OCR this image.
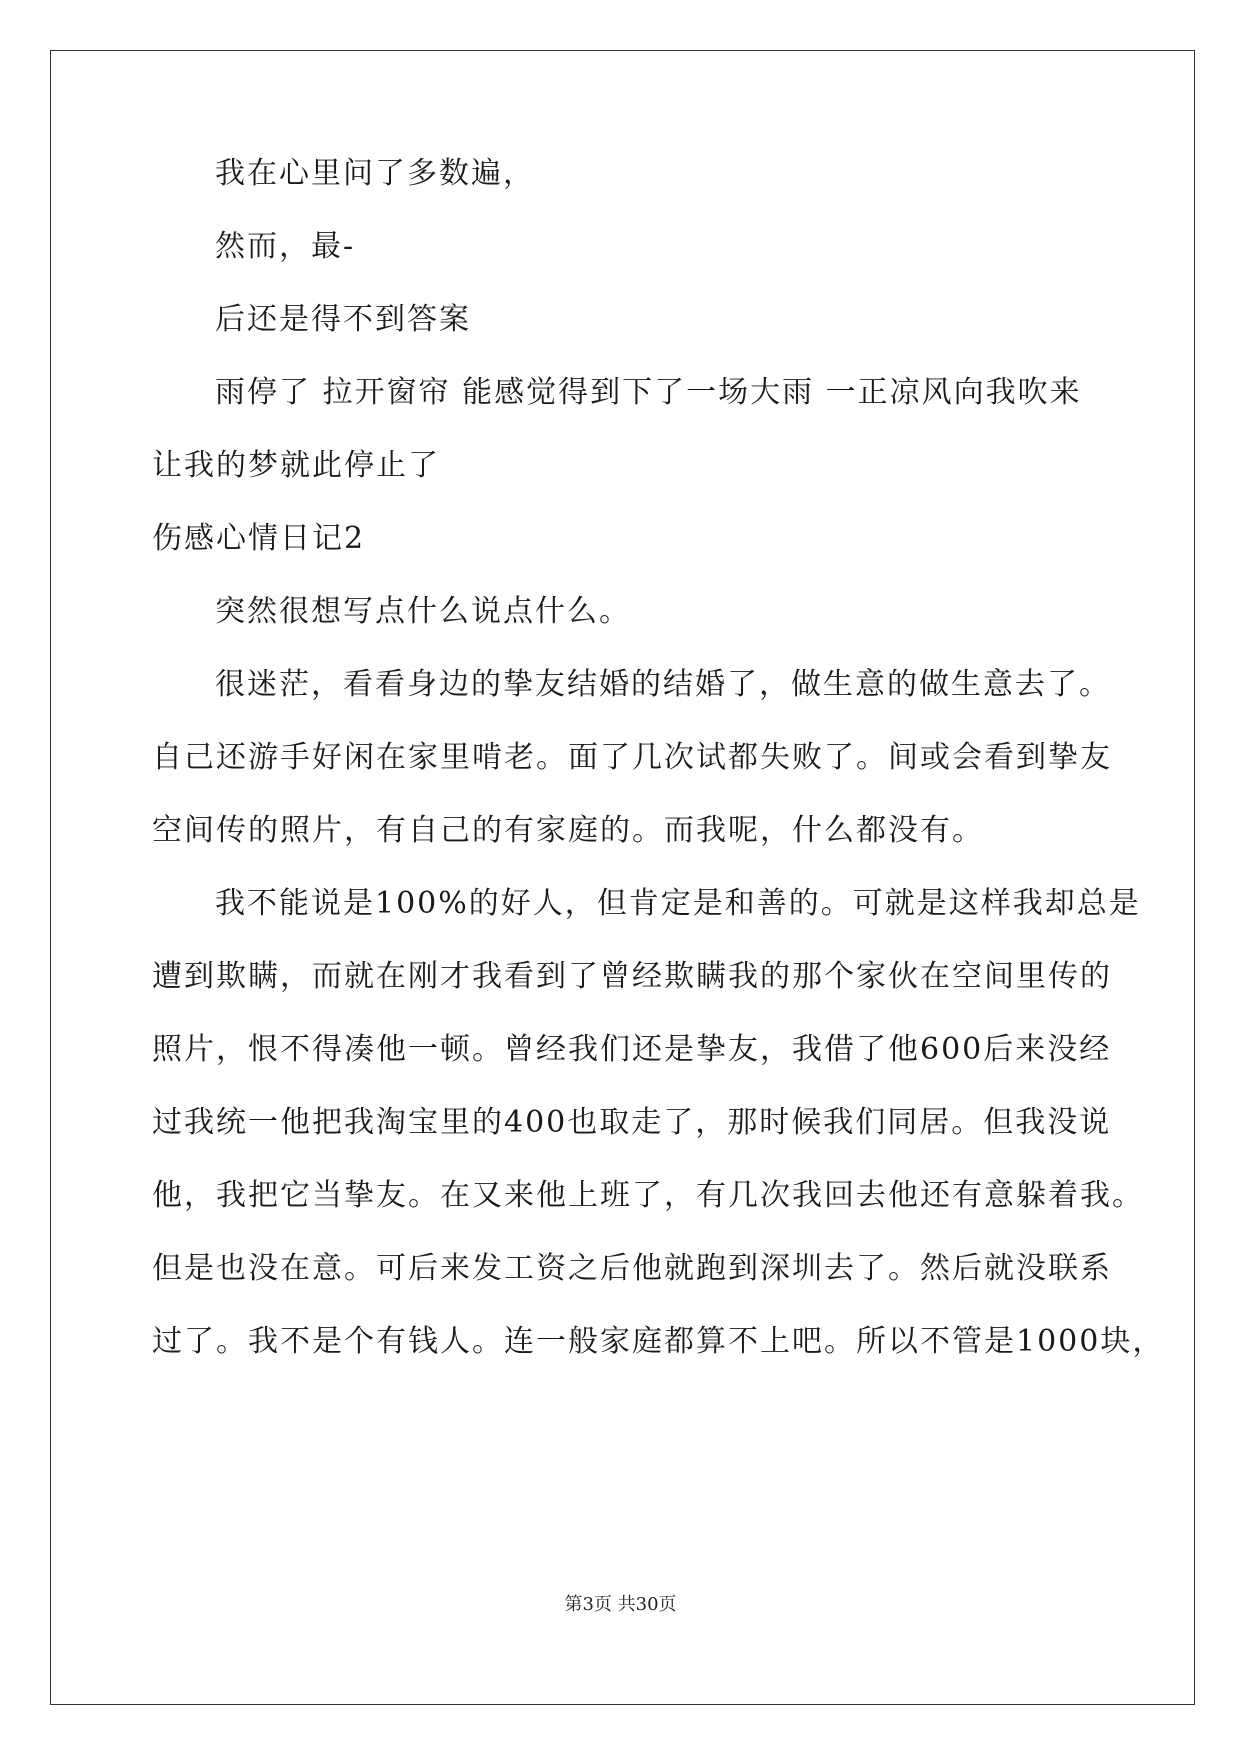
我在心里问了多数遍，
然而，最-
后还是得不到答案
雨停了 拉开窗帘 能感觉得到下了一场大雨 一正凉风向我吹来
让我的梦就此停止了
伤感心情日记2
突然很想写点什么说点什么。
很迷茫，看看身边的挚友结婚的结婚了，做生意的做生意去了。
自己还游手好闲在家里啃老。面了几次试都失败了。间或会看到挚友
空间传的照片，有自己的有家庭的。而我呢，什么都没有。
我不能说是100%的好人，但肯定是和善的。可就是这样我却总是
遭到欺瞒，而就在刚才我看到了曾经欺瞒我的那个家伙在空间里传的
照片，恨不得凑他一顿。曾经我们还是挚友，我借了他600后来没经
过我统一他把我淘宝里的400也取走了，那时候我们同居。但我没说
他，我把它当挚友。在又来他上班了，有几次我回去他还有意躲着我。
但是也没在意。可后来发工资之后他就跑到深圳去了。然后就没联系
过了。我不是个有钱人。连一般家庭都算不上吧。所以不管是1000块，
第3页 共30页
